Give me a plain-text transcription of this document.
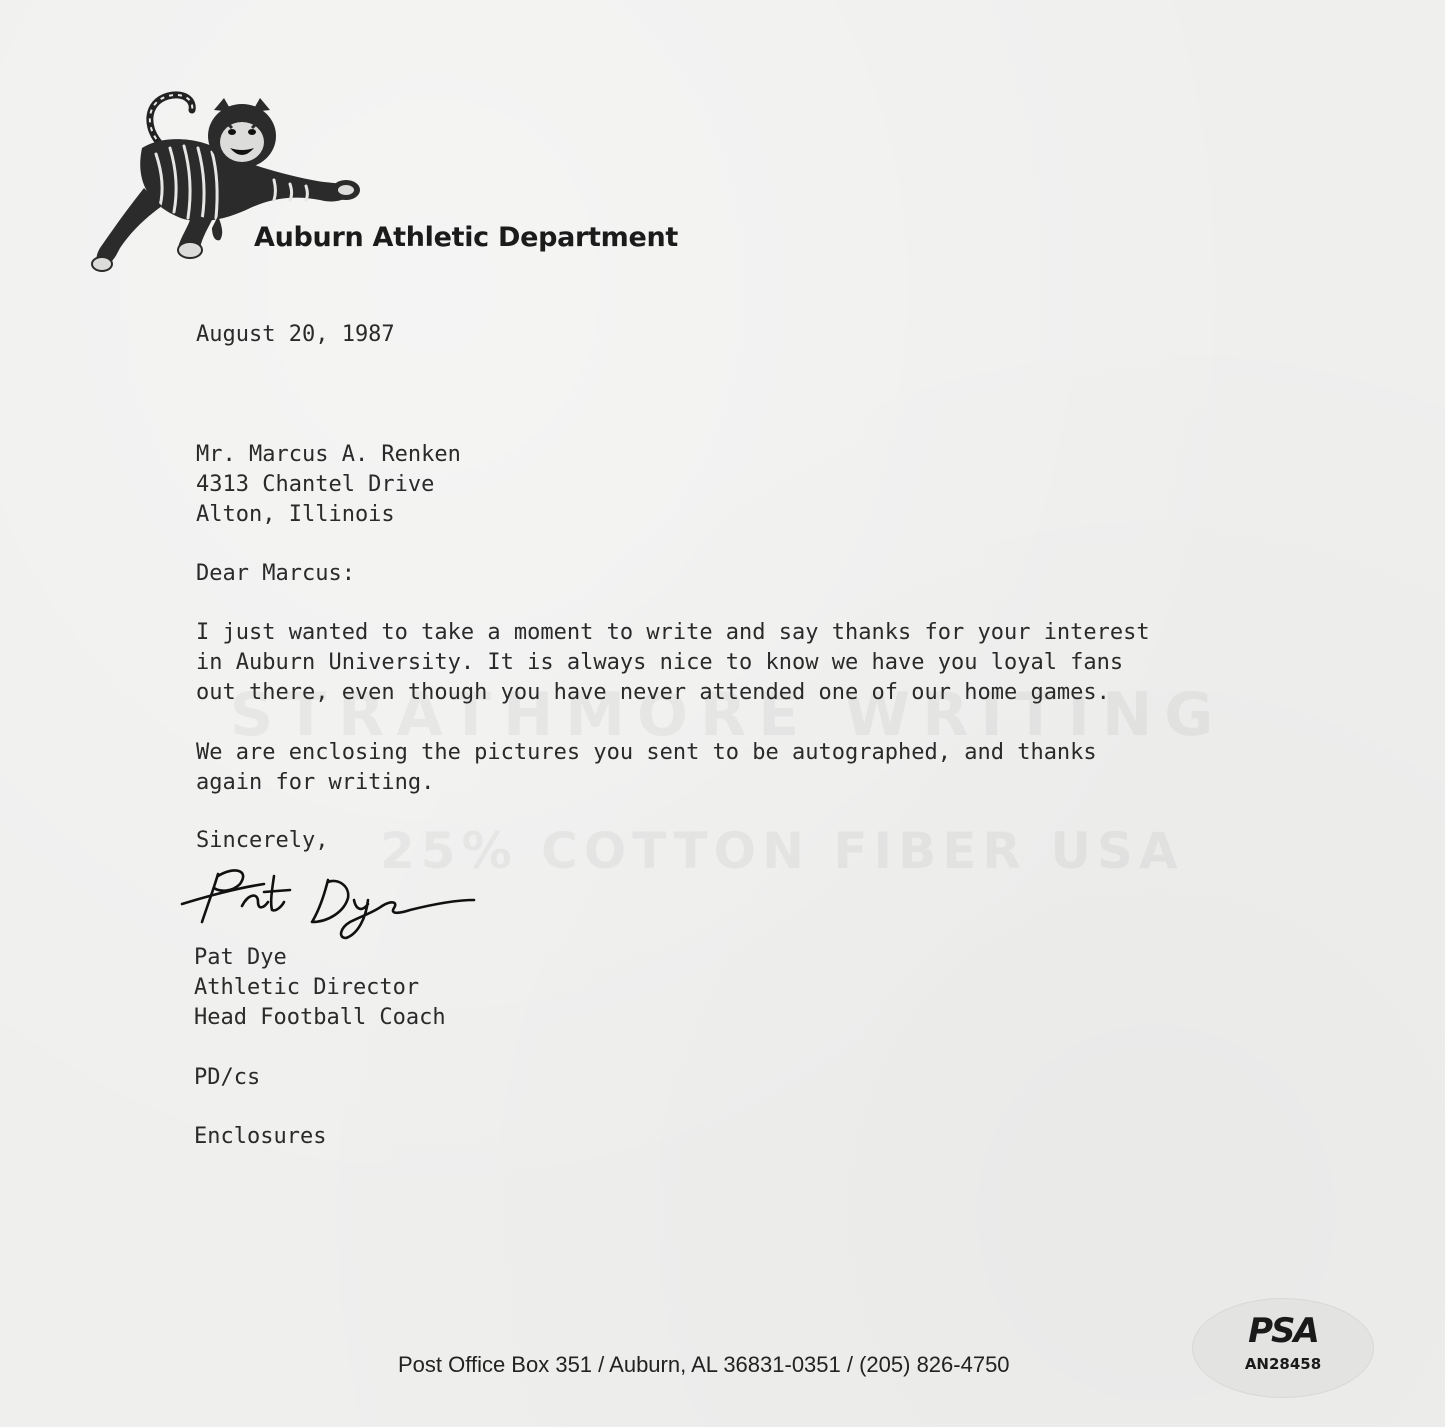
Auburn Athletic Department
August 20, 1987
Mr. Marcus A. Renken
4313 Chantel Drive
Alton, Illinois
Dear Marcus:
I just wanted to take a moment to write and say thanks for your interest
in Auburn University. It is always nice to know we have you loyal fans
out there, even though you have never attended one of our home games.
We are enclosing the pictures you sent to be autographed, and thanks
again for writing.
Sincerely,
Pat Dye
Athletic Director
Head Football Coach
PD/cs
Enclosures
Post Office Box 351 / Auburn, AL 36831-0351 / (205) 826-4750
PSA
AN28458
